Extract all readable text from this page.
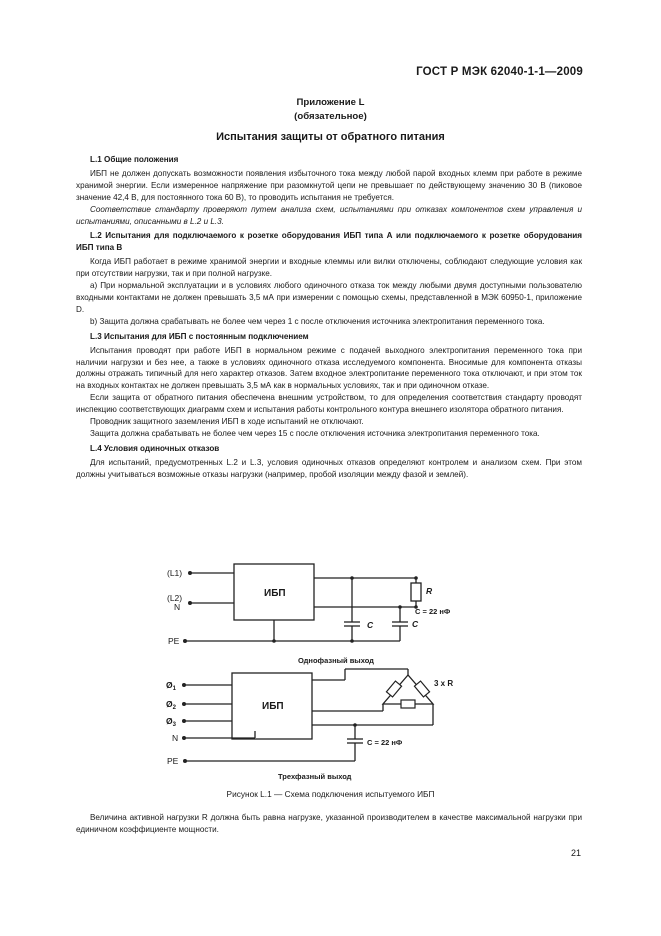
ГОСТ Р МЭК 62040-1-1—2009
Приложение L
(обязательное)
Испытания защиты от обратного питания

L.1 Общие положения

ИБП не должен допускать возможности появления избыточного тока между любой парой входных клемм при работе в режиме хранимой энергии. Если измеренное напряжение при разомкнутой цепи не превышает по действующему значению 30 В (пиковое значение 42,4 В, для постоянного тока 60 В), то проводить испытания не требуется.

Соответствие стандарту проверяют путем анализа схем, испытаниями при отказах компонентов схем управления и испытаниями, описанными в L.2 и L.3.

L.2 Испытания для подключаемого к розетке оборудования ИБП типа А или подключаемого к розетке оборудования ИБП типа В

Когда ИБП работает в режиме хранимой энергии и входные клеммы или вилки отключены, соблюдают следующие условия как при отсутствии нагрузки, так и при полной нагрузке.

a) При нормальной эксплуатации и в условиях любого одиночного отказа ток между любыми двумя доступными пользователю входными контактами не должен превышать 3,5 мА при измерении с помощью схемы, представленной в МЭК 60950-1, приложение D.

b) Защита должна срабатывать не более чем через 1 с после отключения источника электропитания переменного тока.

L.3 Испытания для ИБП с постоянным подключением

Испытания проводят при работе ИБП в нормальном режиме с подачей выходного электропитания переменного тока при наличии нагрузки и без нее, а также в условиях одиночного отказа исследуемого компонента. Вносимые для компонента отказы должны отражать типичный для него характер отказов. Затем входное электропитание переменного тока отключают, и при этом ток на входных контактах не должен превышать 3,5 мА как в нормальных условиях, так и при одиночном отказе.

Если защита от обратного питания обеспечена внешним устройством, то для определения соответствия стандарту проводят инспекцию соответствующих диаграмм схем и испытания работы контрольного контура внешнего изолятора обратного питания.

Проводник защитного заземления ИБП в ходе испытаний не отключают.

Защита должна срабатывать не более чем через 15 с после отключения источника электропитания переменного тока.

L.4 Условия одиночных отказов

Для испытаний, предусмотренных L.2 и L.3, условия одиночных отказов определяют контролем и анализом схем. При этом должны учитываться возможные отказы нагрузки (например, пробой изоляции между фазой и землей).

(L1)
(L2)
N
PE
ИБП	R
C	C
C = 22 нФ
Однофазный выход
$Ø_1$
$Ø_2$
$Ø_3$
N
PE
ИБП
3 x R
C = 22 нФ
Трехфазный выход
Рисунок L.1 — Схема подключения испытуемого ИБП

Величина активной нагрузки R должна быть равна нагрузке, указанной производителем в качестве максимальной нагрузки при единичном коэффициенте мощности.

21
